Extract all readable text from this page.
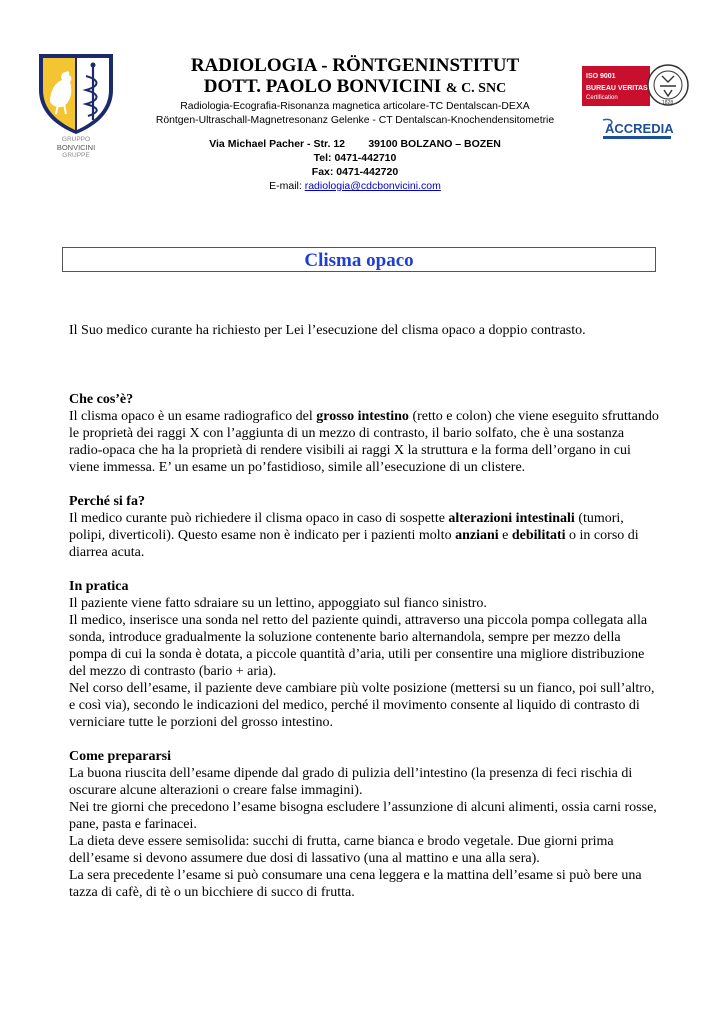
GRUPPO
BONVICINI
GRUPPE
RADIOLOGIA - RÖNTGENINSTITUT
DOTT. PAOLO BONVICINI & C. SNC
Radiologia-Ecografia-Risonanza magnetica articolare-TC Dentalscan-DEXA
Röntgen-Ultraschall-Magnetresonanz Gelenke - CT Dentalscan-Knochendensitometrie
Via Michael Pacher - Str. 12 39100 BOLZANO – BOZEN
Tel: 0471-442710
Fax: 0471-442720
E-mail: radiologia@cdcbonvicini.com
ISO 9001
BUREAU VERITAS
Certification
1828
ACCREDIA
Clisma opaco

Il Suo medico curante ha richiesto per Lei l’esecuzione del clisma opaco a doppio contrasto.

Che cos’è?

Il clisma opaco è un esame radiografico del grosso intestino (retto e colon) che viene eseguito sfruttando le proprietà dei raggi X con l’aggiunta di un mezzo di contrasto, il bario solfato, che è una sostanza radio-opaca che ha la proprietà di rendere visibili ai raggi X la struttura e la forma dell’organo in cui viene immessa. E’ un esame un po’fastidioso, simile all’esecuzione di un clistere.

Perché si fa?

Il medico curante può richiedere il clisma opaco in caso di sospette alterazioni intestinali (tumori, polipi, diverticoli). Questo esame non è indicato per i pazienti molto anziani e debilitati o in corso di diarrea acuta.

In pratica

Il paziente viene fatto sdraiare su un lettino, appoggiato sul fianco sinistro.

Il medico, inserisce una sonda nel retto del paziente quindi, attraverso una piccola pompa collegata alla sonda, introduce gradualmente la soluzione contenente bario alternandola, sempre per mezzo della pompa di cui la sonda è dotata, a piccole quantità d’aria, utili per consentire una migliore distribuzione del mezzo di contrasto (bario + aria).

Nel corso dell’esame, il paziente deve cambiare più volte posizione (mettersi su un fianco, poi sull’altro, e così via), secondo le indicazioni del medico, perché il movimento consente al liquido di contrasto di verniciare tutte le porzioni del grosso intestino.

Come prepararsi

La buona riuscita dell’esame dipende dal grado di pulizia dell’intestino (la presenza di feci rischia di oscurare alcune alterazioni o creare false immagini).

Nei tre giorni che precedono l’esame bisogna escludere l’assunzione di alcuni alimenti, ossia carni rosse, pane, pasta e farinacei.

La dieta deve essere semisolida: succhi di frutta, carne bianca e brodo vegetale. Due giorni prima dell’esame si devono assumere due dosi di lassativo (una al mattino e una alla sera).

La sera precedente l’esame si può consumare una cena leggera e la mattina dell’esame si può bere una tazza di cafè, di tè o un bicchiere di succo di frutta.
